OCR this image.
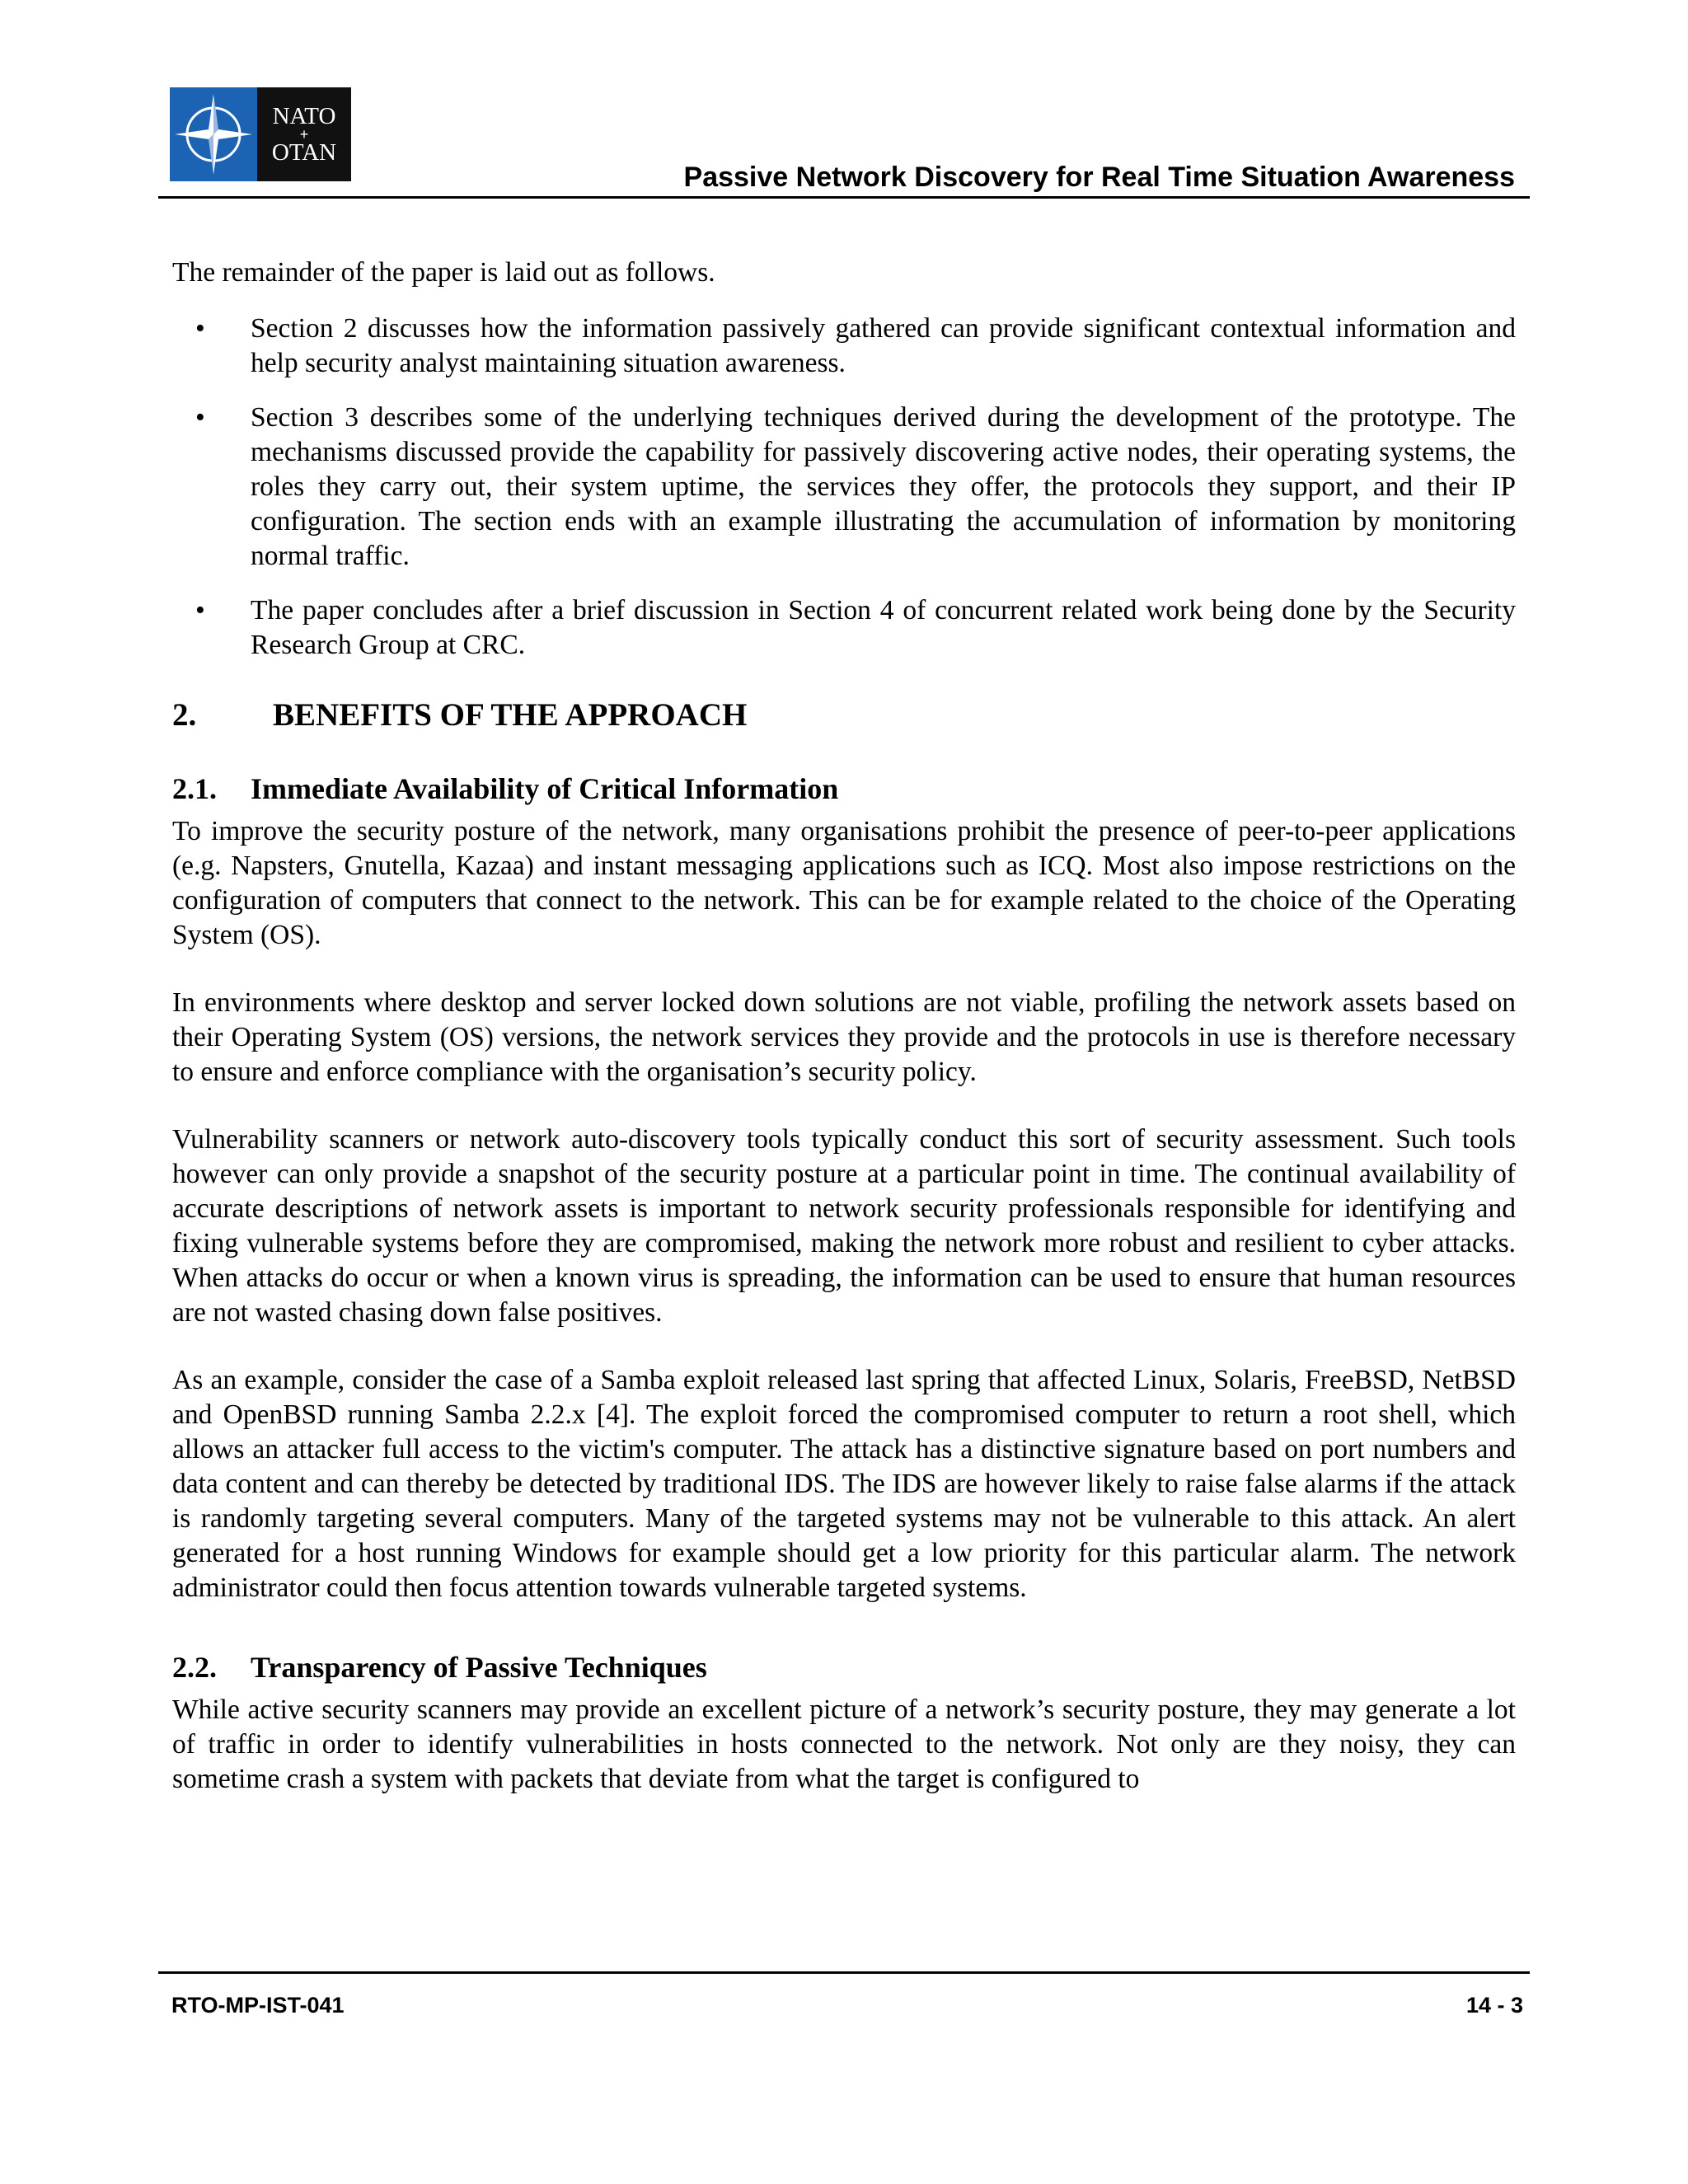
NATO
+
OTAN
Passive Network Discovery for Real Time Situation Awareness

The remainder of the paper is laid out as follows.

• Section 2 discusses how the information passively gathered can provide significant contextual information and help security analyst maintaining situation awareness.
• Section 3 describes some of the underlying techniques derived during the development of the prototype. The mechanisms discussed provide the capability for passively discovering active nodes, their operating systems, the roles they carry out, their system uptime, the services they offer, the protocols they support, and their IP configuration. The section ends with an example illustrating the accumulation of information by monitoring normal traffic.
• The paper concludes after a brief discussion in Section 4 of concurrent related work being done by the Security Research Group at CRC.
2.	BENEFITS OF THE APPROACH
2.1.	Immediate Availability of Critical Information

To improve the security posture of the network, many organisations prohibit the presence of peer-to-peer applications (e.g. Napsters, Gnutella, Kazaa) and instant messaging applications such as ICQ. Most also impose restrictions on the configuration of computers that connect to the network. This can be for example related to the choice of the Operating System (OS).

In environments where desktop and server locked down solutions are not viable, profiling the network assets based on their Operating System (OS) versions, the network services they provide and the protocols in use is therefore necessary to ensure and enforce compliance with the organisation’s security policy.

Vulnerability scanners or network auto-discovery tools typically conduct this sort of security assessment. Such tools however can only provide a snapshot of the security posture at a particular point in time. The continual availability of accurate descriptions of network assets is important to network security professionals responsible for identifying and fixing vulnerable systems before they are compromised, making the network more robust and resilient to cyber attacks. When attacks do occur or when a known virus is spreading, the information can be used to ensure that human resources are not wasted chasing down false positives.

As an example, consider the case of a Samba exploit released last spring that affected Linux, Solaris, FreeBSD, NetBSD and OpenBSD running Samba 2.2.x [4]. The exploit forced the compromised computer to return a root shell, which allows an attacker full access to the victim's computer. The attack has a distinctive signature based on port numbers and data content and can thereby be detected by traditional IDS. The IDS are however likely to raise false alarms if the attack is randomly targeting several computers. Many of the targeted systems may not be vulnerable to this attack. An alert generated for a host running Windows for example should get a low priority for this particular alarm. The network administrator could then focus attention towards vulnerable targeted systems.

2.2.	Transparency of Passive Techniques

While active security scanners may provide an excellent picture of a network’s security posture, they may generate a lot of traffic in order to identify vulnerabilities in hosts connected to the network. Not only are they noisy, they can sometime crash a system with packets that deviate from what the target is configured to

RTO-MP-IST-041	14 - 3
